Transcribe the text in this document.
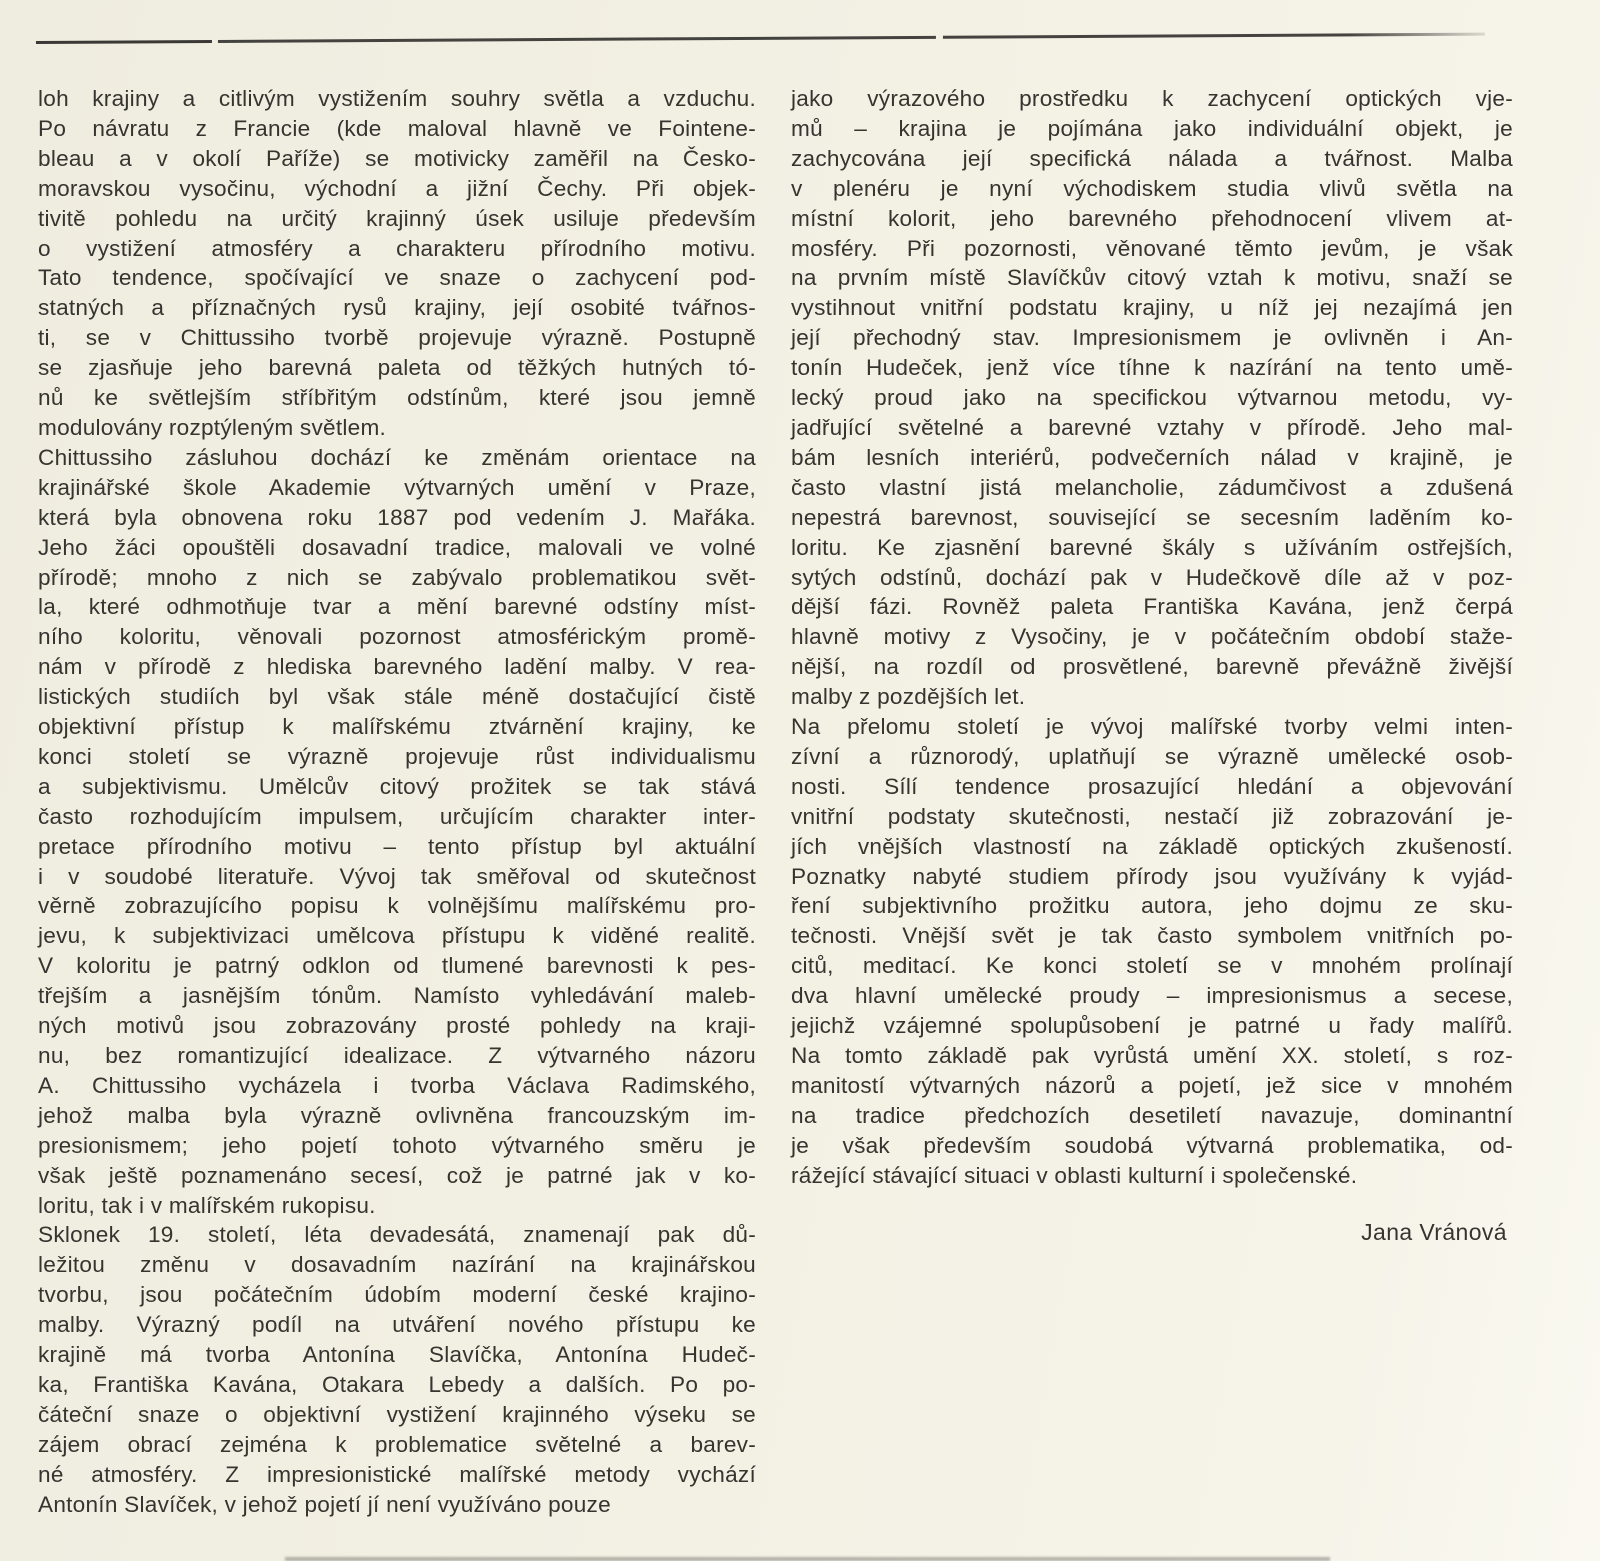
loh krajiny a citlivým vystižením souhry světla a vzduchu.
Po návratu z Francie (kde maloval hlavně ve Fointene-
bleau a v okolí Paříže) se motivicky zaměřil na Česko-
moravskou vysočinu, východní a jižní Čechy. Při objek-
tivitě pohledu na určitý krajinný úsek usiluje především
o vystižení atmosféry a charakteru přírodního motivu.
Tato tendence, spočívající ve snaze o zachycení pod-
statných a příznačných rysů krajiny, její osobité tvářnos-
ti, se v Chittussiho tvorbě projevuje výrazně. Postupně
se zjasňuje jeho barevná paleta od těžkých hutných tó-
nů ke světlejším stříbřitým odstínům, které jsou jemně
modulovány rozptýleným světlem.
Chittussiho zásluhou dochází ke změnám orientace na
krajinářské škole Akademie výtvarných umění v Praze,
která byla obnovena roku 1887 pod vedením J. Mařáka.
Jeho žáci opouštěli dosavadní tradice, malovali ve volné
přírodě; mnoho z nich se zabývalo problematikou svět-
la, které odhmotňuje tvar a mění barevné odstíny míst-
ního koloritu, věnovali pozornost atmosférickým promě-
nám v přírodě z hlediska barevného ladění malby. V rea-
listických studiích byl však stále méně dostačující čistě
objektivní přístup k malířskému ztvárnění krajiny, ke
konci století se výrazně projevuje růst individualismu
a subjektivismu. Umělcův citový prožitek se tak stává
často rozhodujícím impulsem, určujícím charakter inter-
pretace přírodního motivu – tento přístup byl aktuální
i v soudobé literatuře. Vývoj tak směřoval od skutečnost
věrně zobrazujícího popisu k volnějšímu malířskému pro-
jevu, k subjektivizaci umělcova přístupu k viděné realitě.
V koloritu je patrný odklon od tlumené barevnosti k pes-
třejším a jasnějším tónům. Namísto vyhledávání maleb-
ných motivů jsou zobrazovány prosté pohledy na kraji-
nu, bez romantizující idealizace. Z výtvarného názoru
A. Chittussiho vycházela i tvorba Václava Radimského,
jehož malba byla výrazně ovlivněna francouzským im-
presionismem; jeho pojetí tohoto výtvarného směru je
však ještě poznamenáno secesí, což je patrné jak v ko-
loritu, tak i v malířském rukopisu.
Sklonek 19. století, léta devadesátá, znamenají pak dů-
ležitou změnu v dosavadním nazírání na krajinářskou
tvorbu, jsou počátečním údobím moderní české krajino-
malby. Výrazný podíl na utváření nového přístupu ke
krajině má tvorba Antonína Slavíčka, Antonína Hudeč-
ka, Františka Kavána, Otakara Lebedy a dalších. Po po-
čáteční snaze o objektivní vystižení krajinného výseku se
zájem obrací zejména k problematice světelné a barev-
né atmosféry. Z impresionistické malířské metody vychází
Antonín Slavíček, v jehož pojetí jí není využíváno pouze
jako výrazového prostředku k zachycení optických vje-
mů – krajina je pojímána jako individuální objekt, je
zachycována její specifická nálada a tvářnost. Malba
v plenéru je nyní východiskem studia vlivů světla na
místní kolorit, jeho barevného přehodnocení vlivem at-
mosféry. Při pozornosti, věnované těmto jevům, je však
na prvním místě Slavíčkův citový vztah k motivu, snaží se
vystihnout vnitřní podstatu krajiny, u níž jej nezajímá jen
její přechodný stav. Impresionismem je ovlivněn i An-
tonín Hudeček, jenž více tíhne k nazírání na tento umě-
lecký proud jako na specifickou výtvarnou metodu, vy-
jadřující světelné a barevné vztahy v přírodě. Jeho mal-
bám lesních interiérů, podvečerních nálad v krajině, je
často vlastní jistá melancholie, zádumčivost a zdušená
nepestrá barevnost, související se secesním laděním ko-
loritu. Ke zjasnění barevné škály s užíváním ostřejších,
sytých odstínů, dochází pak v Hudečkově díle až v poz-
dější fázi. Rovněž paleta Františka Kavána, jenž čerpá
hlavně motivy z Vysočiny, je v počátečním období staže-
nější, na rozdíl od prosvětlené, barevně převážně živější
malby z pozdějších let.
Na přelomu století je vývoj malířské tvorby velmi inten-
zívní a různorodý, uplatňují se výrazně umělecké osob-
nosti. Sílí tendence prosazující hledání a objevování
vnitřní podstaty skutečnosti, nestačí již zobrazování je-
jích vnějších vlastností na základě optických zkušeností.
Poznatky nabyté studiem přírody jsou využívány k vyjád-
ření subjektivního prožitku autora, jeho dojmu ze sku-
tečnosti. Vnější svět je tak často symbolem vnitřních po-
citů, meditací. Ke konci století se v mnohém prolínají
dva hlavní umělecké proudy – impresionismus a secese,
jejichž vzájemné spolupůsobení je patrné u řady malířů.
Na tomto základě pak vyrůstá umění XX. století, s roz-
manitostí výtvarných názorů a pojetí, jež sice v mnohém
na tradice předchozích desetiletí navazuje, dominantní
je však především soudobá výtvarná problematika, od-
rážející stávající situaci v oblasti kulturní i společenské.
Jana Vránová
